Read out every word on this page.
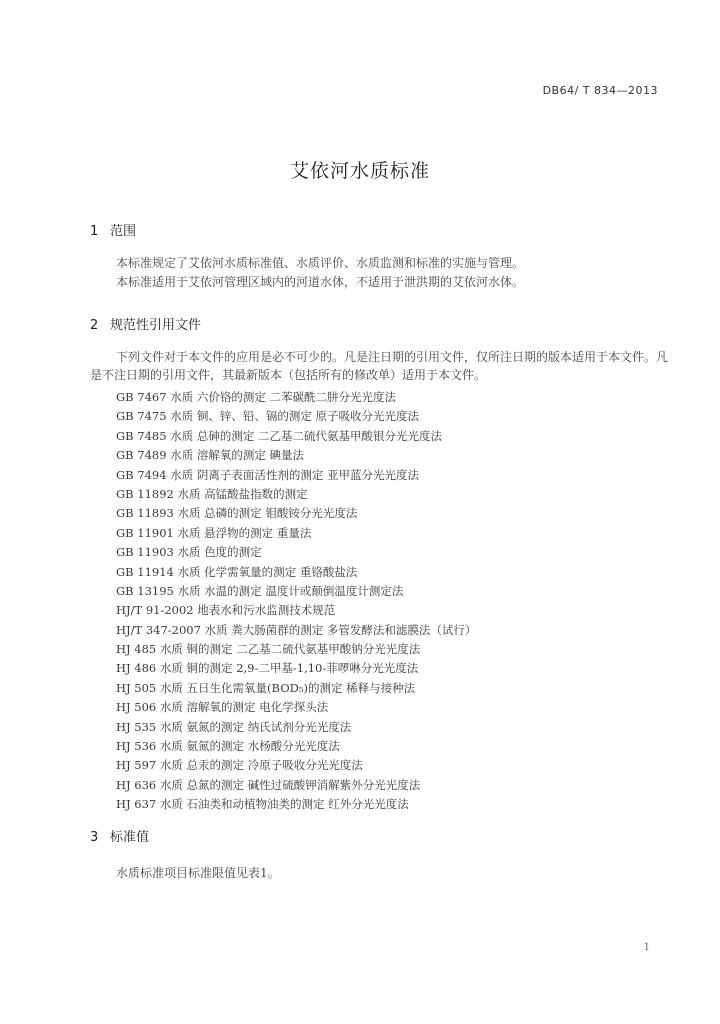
DB64/ T 834—2013
艾依河水质标准
1 范围
本标准规定了艾依河水质标准值、水质评价、水质监测和标准的实施与管理。
本标准适用于艾依河管理区域内的河道水体，不适用于泄洪期的艾依河水体。
2 规范性引用文件
下列文件对于本文件的应用是必不可少的。凡是注日期的引用文件，仅所注日期的版本适用于本文件。凡是不注日期的引用文件，其最新版本（包括所有的修改单）适用于本文件。
GB 7467 水质 六价铬的测定 二苯碳酰二肼分光光度法
GB 7475 水质 铜、锌、铅、镉的测定 原子吸收分光光度法
GB 7485 水质 总砷的测定 二乙基二硫代氨基甲酸银分光光度法
GB 7489 水质 溶解氧的测定 碘量法
GB 7494 水质 阴离子表面活性剂的测定 亚甲蓝分光光度法
GB 11892 水质 高锰酸盐指数的测定
GB 11893 水质 总磷的测定 钼酸铵分光光度法
GB 11901 水质 悬浮物的测定 重量法
GB 11903 水质 色度的测定
GB 11914 水质 化学需氧量的测定 重铬酸盐法
GB 13195 水质 水温的测定 温度计或颠倒温度计测定法
HJ/T 91-2002 地表水和污水监测技术规范
HJ/T 347-2007 水质 粪大肠菌群的测定 多管发酵法和滤膜法（试行）
HJ 485 水质 铜的测定 二乙基二硫代氨基甲酸钠分光光度法
HJ 486 水质 铜的测定 2,9-二甲基-1,10-菲啰啉分光光度法
HJ 505 水质 五日生化需氧量(BOD₅)的测定 稀释与接种法
HJ 506 水质 溶解氧的测定 电化学探头法
HJ 535 水质 氨氮的测定 纳氏试剂分光光度法
HJ 536 水质 氨氮的测定 水杨酸分光光度法
HJ 597 水质 总汞的测定 冷原子吸收分光光度法
HJ 636 水质 总氮的测定 碱性过硫酸钾消解紫外分光光度法
HJ 637 水质 石油类和动植物油类的测定 红外分光光度法
3 标准值
水质标准项目标准限值见表1。
1
